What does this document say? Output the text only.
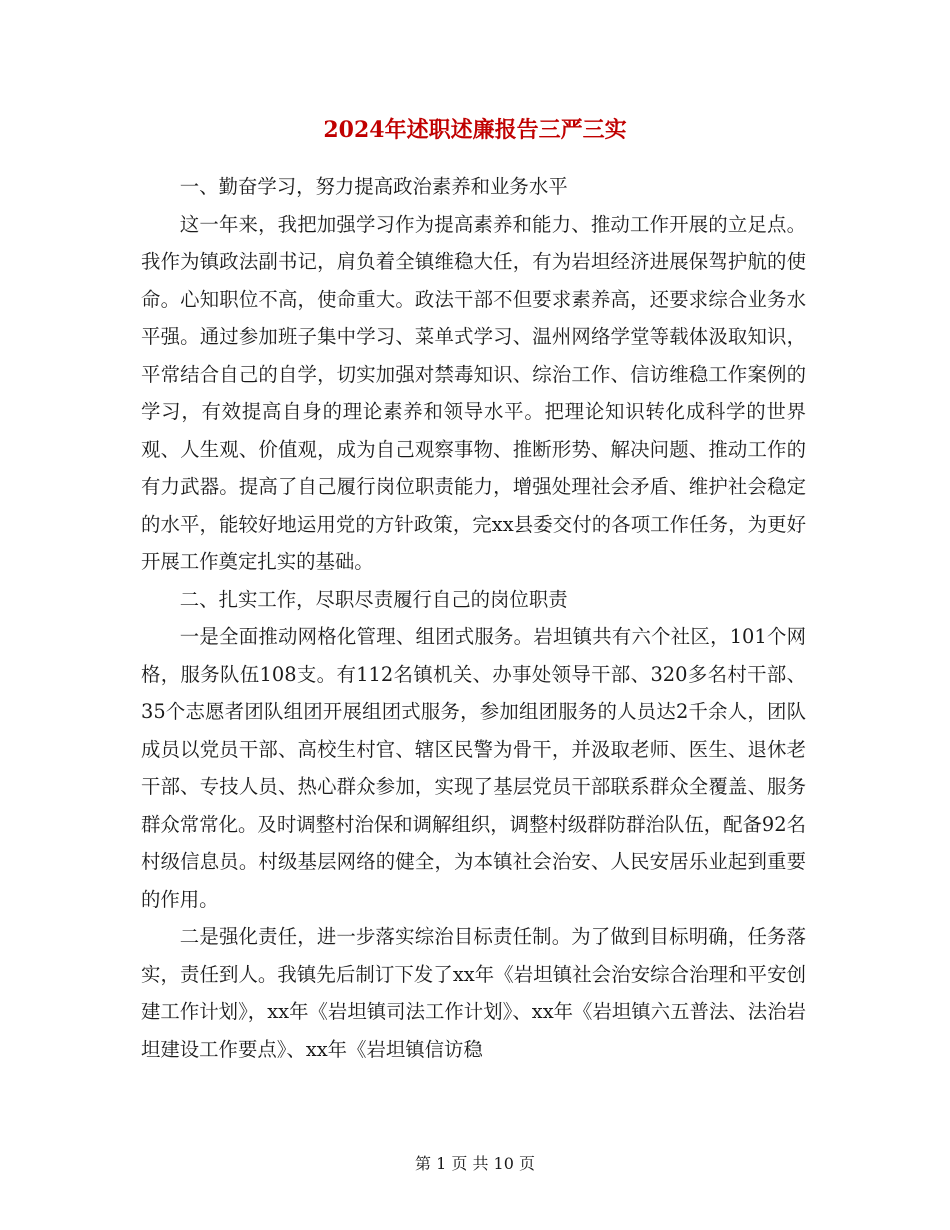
2024年述职述廉报告三严三实

一、勤奋学习，努力提高政治素养和业务水平

这一年来，我把加强学习作为提高素养和能力、推动工作开展的立足点。我作为镇政法副书记，肩负着全镇维稳大任，有为岩坦经济进展保驾护航的使命。心知职位不高，使命重大。政法干部不但要求素养高，还要求综合业务水平强。通过参加班子集中学习、菜单式学习、温州网络学堂等载体汲取知识，平常结合自己的自学，切实加强对禁毒知识、综治工作、信访维稳工作案例的学习，有效提高自身的理论素养和领导水平。把理论知识转化成科学的世界观、人生观、价值观，成为自己观察事物、推断形势、解决问题、推动工作的有力武器。提高了自己履行岗位职责能力，增强处理社会矛盾、维护社会稳定的水平，能较好地运用党的方针政策，完xx县委交付的各项工作任务，为更好开展工作奠定扎实的基础。

二、扎实工作，尽职尽责履行自己的岗位职责

一是全面推动网格化管理、组团式服务。岩坦镇共有六个社区，101个网格，服务队伍108支。有112名镇机关、办事处领导干部、320多名村干部、35个志愿者团队组团开展组团式服务，参加组团服务的人员达2千余人，团队成员以党员干部、高校生村官、辖区民警为骨干，并汲取老师、医生、退休老干部、专技人员、热心群众参加，实现了基层党员干部联系群众全覆盖、服务群众常常化。及时调整村治保和调解组织，调整村级群防群治队伍，配备92名村级信息员。村级基层网络的健全，为本镇社会治安、人民安居乐业起到重要的作用。

二是强化责任，进一步落实综治目标责任制。为了做到目标明确，任务落实，责任到人。我镇先后制订下发了xx年《岩坦镇社会治安综合治理和平安创建工作计划》，xx年《岩坦镇司法工作计划》、xx年《岩坦镇六五普法、法治岩坦建设工作要点》、xx年《岩坦镇信访稳

第 1 页 共 10 页
